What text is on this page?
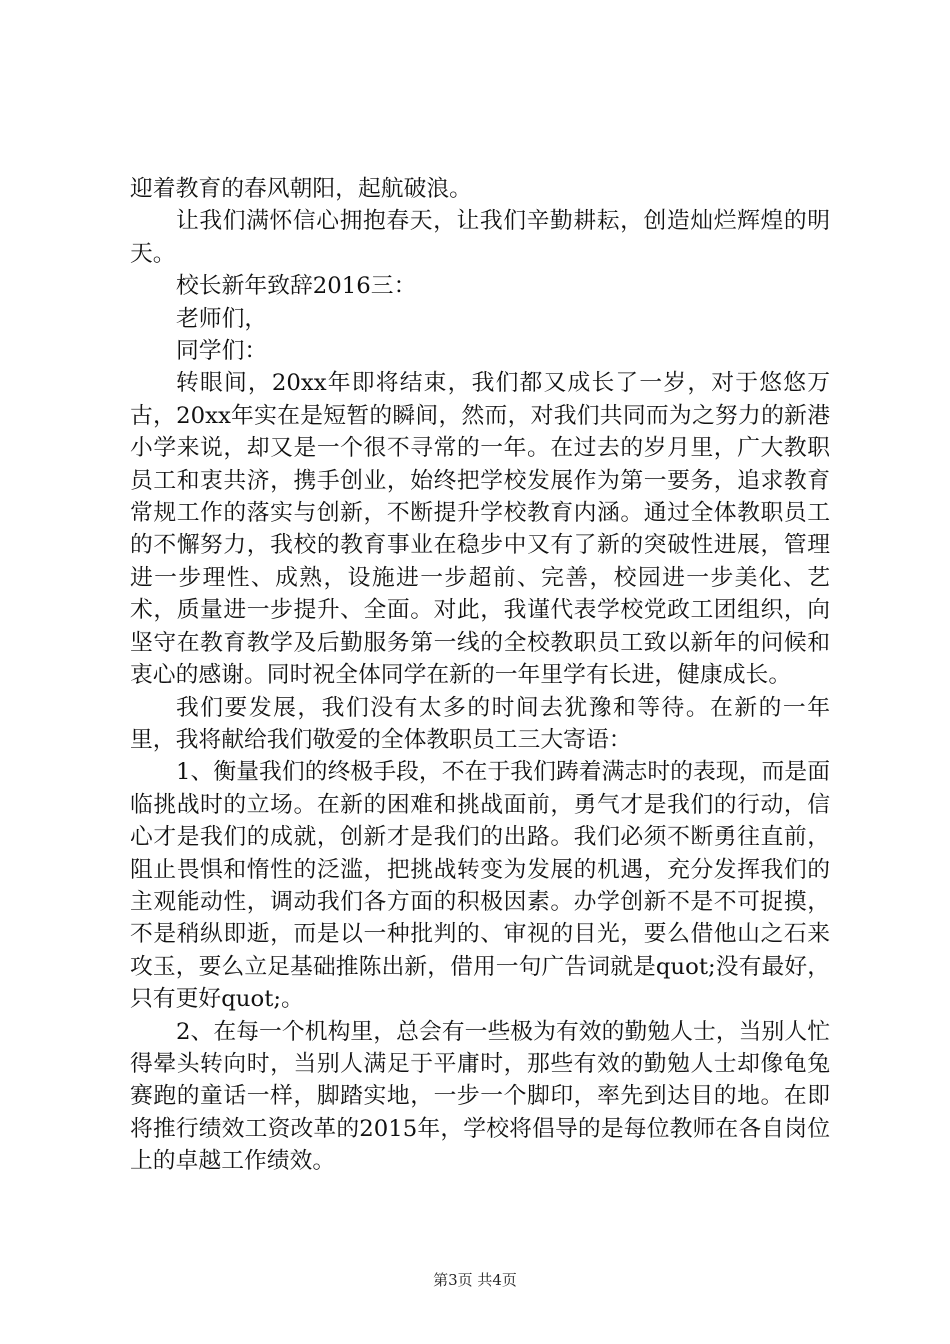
迎着教育的春风朝阳，起航破浪。

让我们满怀信心拥抱春天，让我们辛勤耕耘，创造灿烂辉煌的明天。

校长新年致辞2016三：

老师们，

同学们：

转眼间，20xx年即将结束，我们都又成长了一岁，对于悠悠万古，20xx年实在是短暂的瞬间，然而，对我们共同而为之努力的新港小学来说，却又是一个很不寻常的一年。在过去的岁月里，广大教职员工和衷共济，携手创业，始终把学校发展作为第一要务，追求教育常规工作的落实与创新，不断提升学校教育内涵。通过全体教职员工的不懈努力，我校的教育事业在稳步中又有了新的突破性进展，管理进一步理性、成熟，设施进一步超前、完善，校园进一步美化、艺术，质量进一步提升、全面。对此，我谨代表学校党政工团组织，向坚守在教育教学及后勤服务第一线的全校教职员工致以新年的问候和衷心的感谢。同时祝全体同学在新的一年里学有长进，健康成长。

我们要发展，我们没有太多的时间去犹豫和等待。在新的一年里，我将献给我们敬爱的全体教职员工三大寄语：

1、衡量我们的终极手段，不在于我们踌着满志时的表现，而是面临挑战时的立场。在新的困难和挑战面前，勇气才是我们的行动，信心才是我们的成就，创新才是我们的出路。我们必须不断勇往直前，阻止畏惧和惰性的泛滥，把挑战转变为发展的机遇，充分发挥我们的主观能动性，调动我们各方面的积极因素。办学创新不是不可捉摸，不是稍纵即逝，而是以一种批判的、审视的目光，要么借他山之石来攻玉，要么立足基础推陈出新，借用一句广告词就是quot;没有最好，只有更好quot;。

2、在每一个机构里，总会有一些极为有效的勤勉人士，当别人忙得晕头转向时，当别人满足于平庸时，那些有效的勤勉人士却像龟兔赛跑的童话一样，脚踏实地，一步一个脚印，率先到达目的地。在即将推行绩效工资改革的2015年，学校将倡导的是每位教师在各自岗位上的卓越工作绩效。

第3页 共4页
